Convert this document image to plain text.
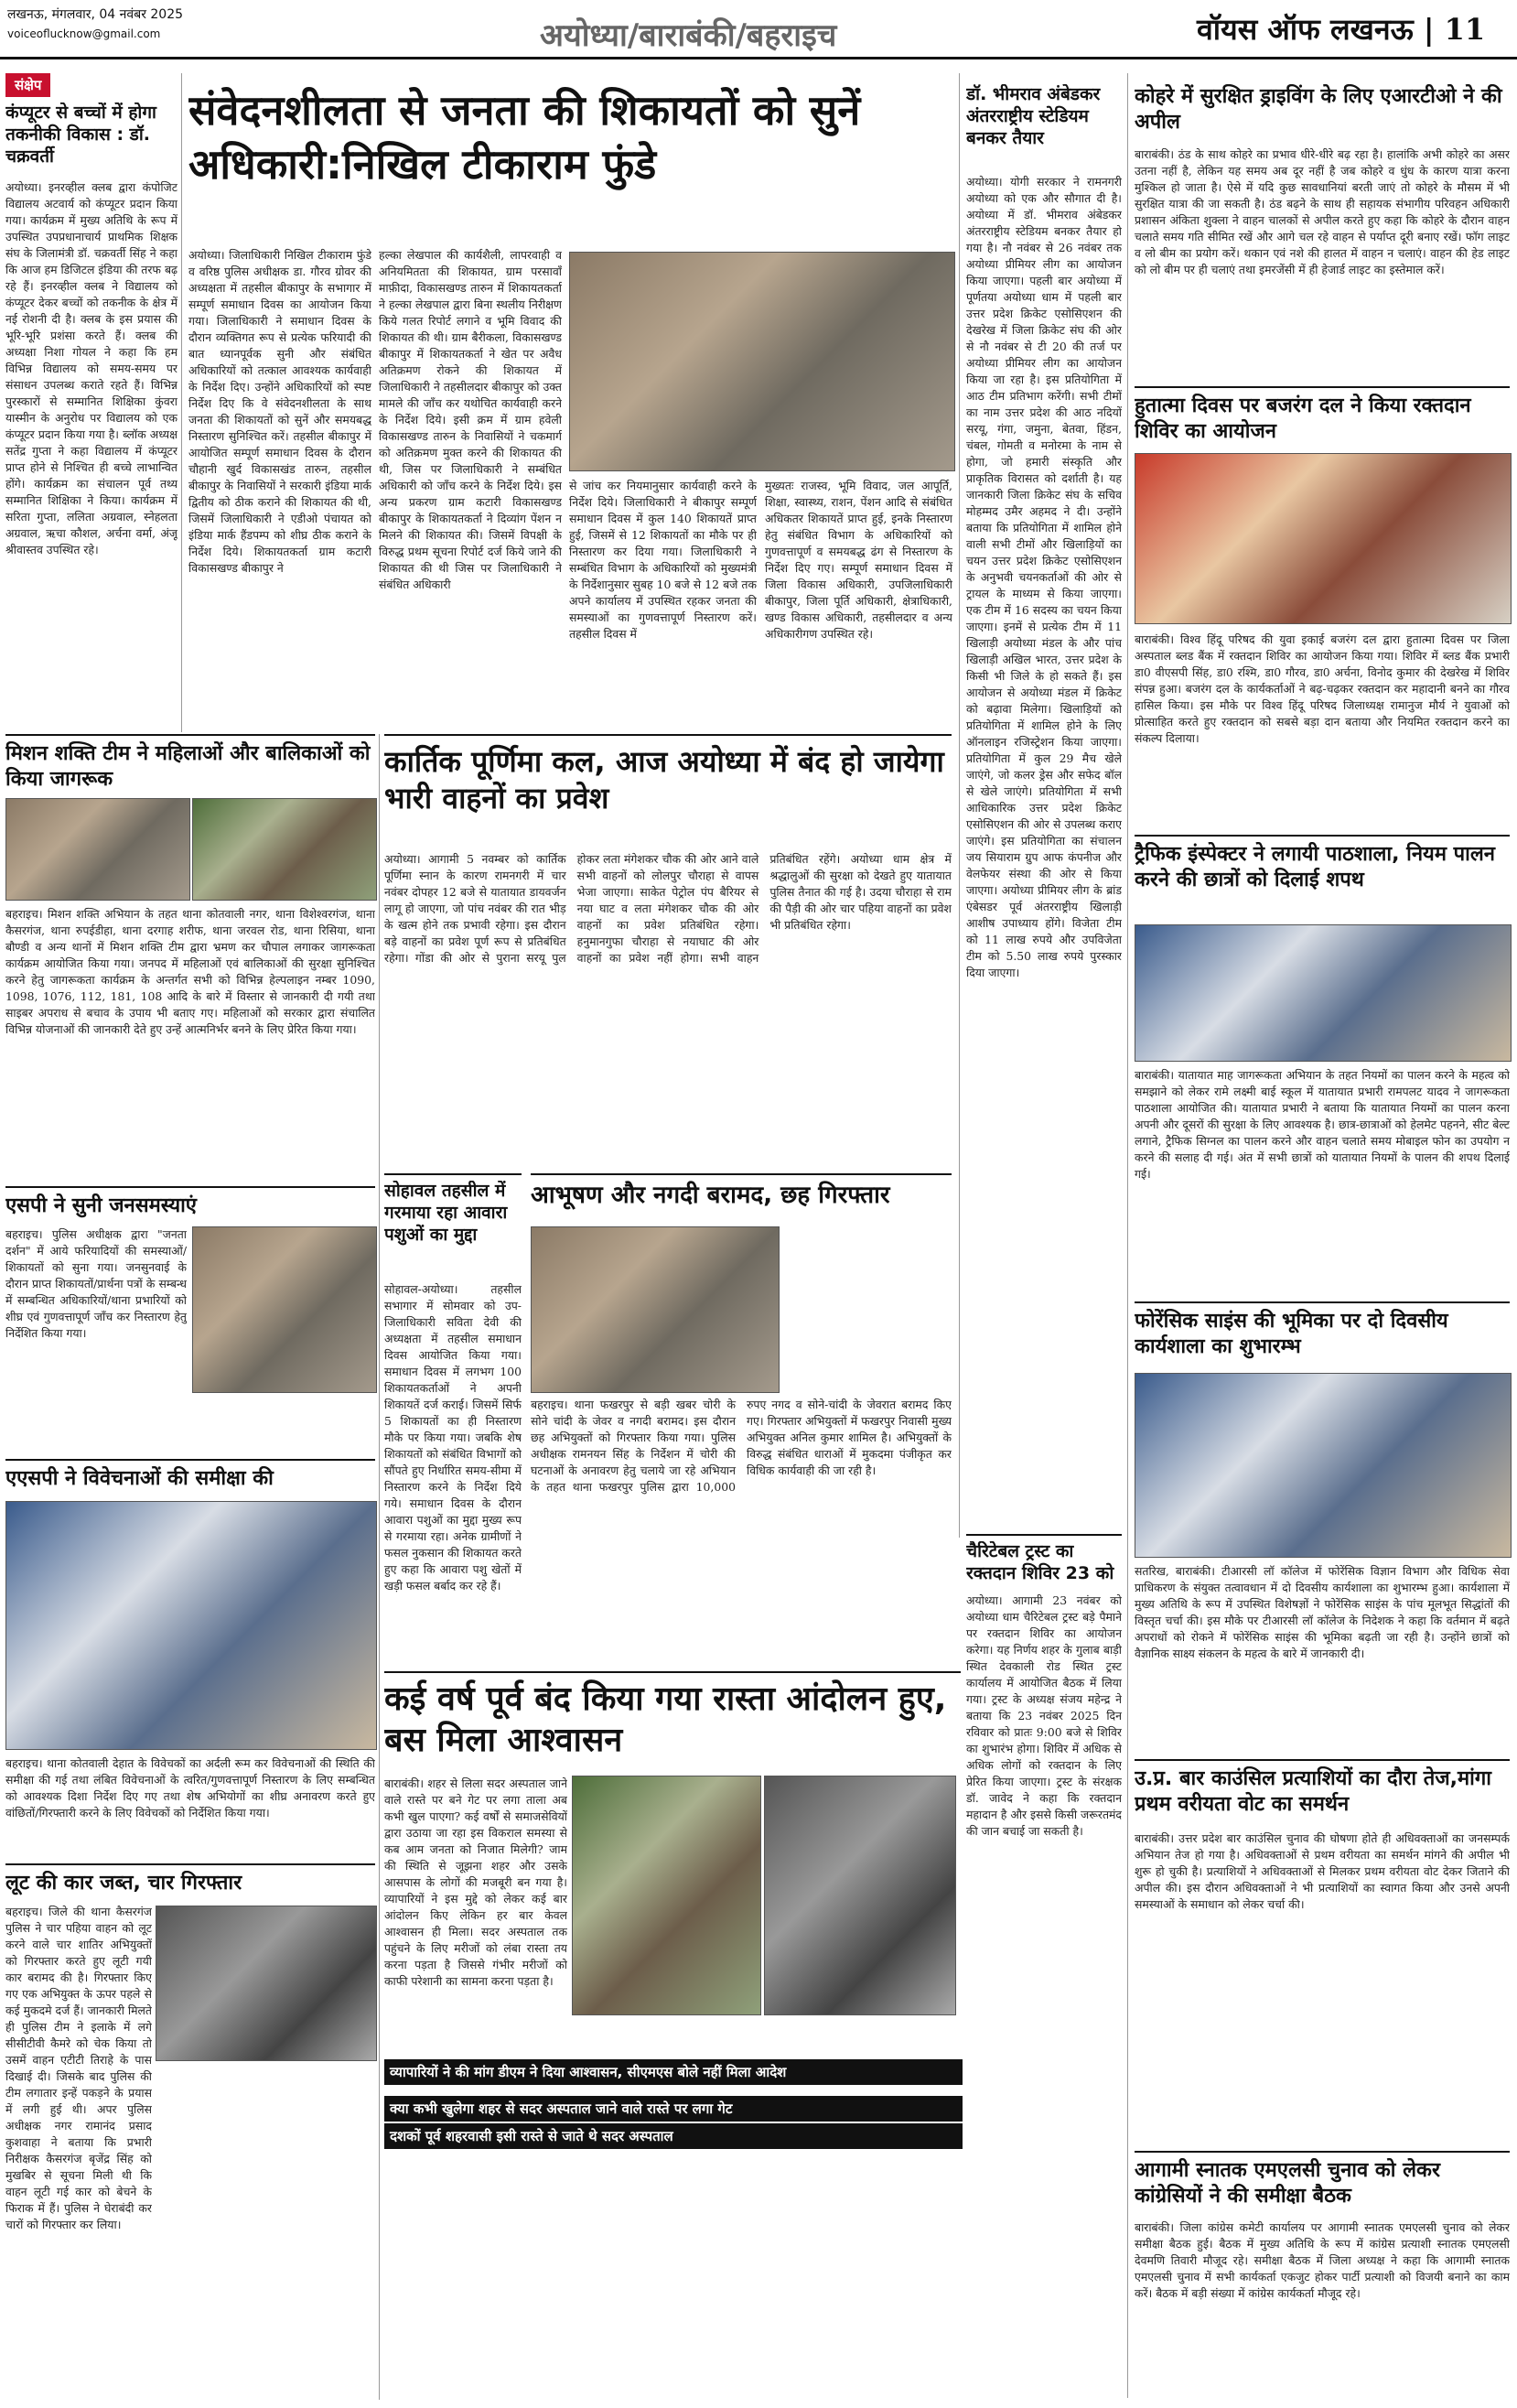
लखनऊ, मंगलवार, 04 नवंबर 2025
voiceoflucknow@gmail.com	अयोध्या/बाराबंकी/बहराइच	वॉयस ऑफ लखनऊ | 11
संक्षेप
कंप्यूटर से बच्चों में होगा तकनीकी विकास : डॉ. चक्रवर्ती
अयोध्या। इनरव्हील क्लब द्वारा कंपोजिट विद्यालय अटवार्य को कंप्यूटर प्रदान किया गया। कार्यक्रम में मुख्य अतिथि के रूप में उपस्थित उपप्रधानाचार्य प्राथमिक शिक्षक संघ के जिलामंत्री डॉ. चक्रवर्ती सिंह ने कहा कि आज हम डिजिटल इंडिया की तरफ बढ़ रहे हैं। इनरव्हील क्लब ने विद्यालय को कंप्यूटर देकर बच्चों को तकनीक के क्षेत्र में नई रोशनी दी है। क्लब के इस प्रयास की भूरि-भूरि प्रशंसा करते हैं। क्लब की अध्यक्षा निशा गोयल ने कहा कि हम विभिन्न विद्यालय को समय-समय पर संसाधन उपलब्ध कराते रहते हैं। विभिन्न पुरस्कारों से सम्मानित शिक्षिका कुंवरा यास्मीन के अनुरोध पर विद्यालय को एक कंप्यूटर प्रदान किया गया है। ब्लॉक अध्यक्ष सतेंद्र गुप्ता ने कहा विद्यालय में कंप्यूटर प्राप्त होने से निश्चित ही बच्चे लाभान्वित होंगे। कार्यक्रम का संचालन पूर्व तथ्य सम्मानित शिक्षिका ने किया। कार्यक्रम में सरिता गुप्ता, ललिता अग्रवाल, स्नेहलता अग्रवाल, ऋचा कौशल, अर्चना वर्मा, अंजू श्रीवास्तव उपस्थित रहे।
संवेदनशीलता से जनता की शिकायतों को सुनें अधिकारी:निखिल टीकाराम फुंडे
अयोध्या। जिलाधिकारी निखिल टीकाराम फुंडे व वरिष्ठ पुलिस अधीक्षक डा. गौरव ग्रोवर की अध्यक्षता में तहसील बीकापुर के सभागार में सम्पूर्ण समाधान दिवस का आयोजन किया गया। जिलाधिकारी ने समाधान दिवस के दौरान व्यक्तिगत रूप से प्रत्येक फरियादी की बात ध्यानपूर्वक सुनी और संबंधित अधिकारियों को तत्काल आवश्यक कार्यवाही के निर्देश दिए। उन्होंने अधिकारियों को स्पष्ट निर्देश दिए कि वे संवेदनशीलता के साथ जनता की शिकायतों को सुनें और समयबद्ध निस्तारण सुनिश्चित करें। तहसील बीकापुर में आयोजित सम्पूर्ण समाधान दिवस के दौरान चौहानी खुर्द विकासखंड तारुन, तहसील बीकापुर के निवासियों ने सरकारी इंडिया मार्क द्वितीय को ठीक कराने की शिकायत की थी, जिसमें जिलाधिकारी ने एडीओ पंचायत को इंडिया मार्क हैंडपम्प को शीघ्र ठीक कराने के निर्देश दिये। शिकायतकर्ता ग्राम कटारी विकासखण्ड बीकापुर ने
हल्का लेखपाल की कार्यशैली, लापरवाही व अनियमितता की शिकायत, ग्राम परसावाँ माफ़ीदा, विकासखण्ड तारुन में शिकायतकर्ता ने हल्का लेखपाल द्वारा बिना स्थलीय निरीक्षण किये गलत रिपोर्ट लगाने व भूमि विवाद की शिकायत की थी। ग्राम बैरीकला, विकासखण्ड बीकापुर में शिकायतकर्ता ने खेत पर अवैध अतिक्रमण रोकने की शिकायत में जिलाधिकारी ने तहसीलदार बीकापुर को उक्त मामले की जाँच कर यथोचित कार्यवाही करने के निर्देश दिये। इसी क्रम में ग्राम हवेली विकासखण्ड तारुन के निवासियों ने चकमार्ग को अतिक्रमण मुक्त करने की शिकायत की थी, जिस पर जिलाधिकारी ने सम्बंधित अधिकारी को जाँच करने के निर्देश दिये। इस अन्य प्रकरण ग्राम कटारी विकासखण्ड बीकापुर के शिकायतकर्ता ने दिव्यांग पेंशन न मिलने की शिकायत की। जिसमें विपक्षी के विरुद्ध प्रथम सूचना रिपोर्ट दर्ज किये जाने की शिकायत की थी जिस पर जिलाधिकारी ने संबंधित अधिकारी
से जांच कर नियमानुसार कार्यवाही करने के निर्देश दिये। जिलाधिकारी ने बीकापुर सम्पूर्ण समाधान दिवस में कुल 140 शिकायतें प्राप्त हुई, जिसमें से 12 शिकायतों का मौके पर ही निस्तारण कर दिया गया। जिलाधिकारी ने सम्बंधित विभाग के अधिकारियों को मुख्यमंत्री के निर्देशानुसार सुबह 10 बजे से 12 बजे तक अपने कार्यालय में उपस्थित रहकर जनता की समस्याओं का गुणवत्तापूर्ण निस्तारण करें। तहसील दिवस में
मुख्यतः राजस्व, भूमि विवाद, जल आपूर्ति, शिक्षा, स्वास्थ्य, राशन, पेंशन आदि से संबंधित अधिकतर शिकायतें प्राप्त हुई, इनके निस्तारण हेतु संबंधित विभाग के अधिकारियों को गुणवत्तापूर्ण व समयबद्ध ढंग से निस्तारण के निर्देश दिए गए। सम्पूर्ण समाधान दिवस में जिला विकास अधिकारी, उपजिलाधिकारी बीकापुर, जिला पूर्ति अधिकारी, क्षेत्राधिकारी, खण्ड विकास अधिकारी, तहसीलदार व अन्य अधिकारीगण उपस्थित रहे।
डॉ. भीमराव अंबेडकर अंतरराष्ट्रीय स्टेडियम बनकर तैयार
अयोध्या। योगी सरकार ने रामनगरी अयोध्या को एक और सौगात दी है। अयोध्या में डॉ. भीमराव अंबेडकर अंतरराष्ट्रीय स्टेडियम बनकर तैयार हो गया है। नौ नवंबर से 26 नवंबर तक अयोध्या प्रीमियर लीग का आयोजन किया जाएगा। पहली बार अयोध्या में पूर्णतया अयोध्या धाम में पहली बार उत्तर प्रदेश क्रिकेट एसोसिएशन की देखरेख में जिला क्रिकेट संघ की ओर से नौ नवंबर से टी 20 की तर्ज पर अयोध्या प्रीमियर लीग का आयोजन किया जा रहा है। इस प्रतियोगिता में आठ टीम प्रतिभाग करेंगी। सभी टीमों का नाम उत्तर प्रदेश की आठ नदियों सरयू, गंगा, जमुना, बेतवा, हिंडन, चंबल, गोमती व मनोरमा के नाम से होगा, जो हमारी संस्कृति और प्राकृतिक विरासत को दर्शाती है। यह जानकारी जिला क्रिकेट संघ के सचिव मोहम्मद उमैर अहमद ने दी। उन्होंने बताया कि प्रतियोगिता में शामिल होने वाली सभी टीमों और खिलाड़ियों का चयन उत्तर प्रदेश क्रिकेट एसोसिएशन के अनुभवी चयनकर्ताओं की ओर से ट्रायल के माध्यम से किया जाएगा। एक टीम में 16 सदस्य का चयन किया जाएगा। इनमें से प्रत्येक टीम में 11 खिलाड़ी अयोध्या मंडल के और पांच खिलाड़ी अखिल भारत, उत्तर प्रदेश के किसी भी जिले के हो सकते हैं। इस आयोजन से अयोध्या मंडल में क्रिकेट को बढ़ावा मिलेगा। खिलाड़ियों को प्रतियोगिता में शामिल होने के लिए ऑनलाइन रजिस्ट्रेशन किया जाएगा। प्रतियोगिता में कुल 29 मैच खेले जाएंगे, जो कलर ड्रेस और सफेद बॉल से खेले जाएंगे। प्रतियोगिता में सभी आधिकारिक उत्तर प्रदेश क्रिकेट एसोसिएशन की ओर से उपलब्ध कराए जाएंगे। इस प्रतियोगिता का संचालन जय सियाराम ग्रुप आफ कंपनीज और वेलफेयर संस्था की ओर से किया जाएगा। अयोध्या प्रीमियर लीग के ब्रांड एंबेसडर पूर्व अंतरराष्ट्रीय खिलाड़ी आशीष उपाध्याय होंगे। विजेता टीम को 11 लाख रुपये और उपविजेता टीम को 5.50 लाख रुपये पुरस्कार दिया जाएगा।
कोहरे में सुरक्षित ड्राइविंग के लिए एआरटीओ ने की अपील
बाराबंकी। ठंड के साथ कोहरे का प्रभाव धीरे-धीरे बढ़ रहा है। हालांकि अभी कोहरे का असर उतना नहीं है, लेकिन यह समय अब दूर नहीं है जब कोहरे व धुंध के कारण यात्रा करना मुश्किल हो जाता है। ऐसे में यदि कुछ सावधानियां बरती जाएं तो कोहरे के मौसम में भी सुरक्षित यात्रा की जा सकती है। ठंड बढ़ने के साथ ही सहायक संभागीय परिवहन अधिकारी प्रशासन अंकिता शुक्ला ने वाहन चालकों से अपील करते हुए कहा कि कोहरे के दौरान वाहन चलाते समय गति सीमित रखें और आगे चल रहे वाहन से पर्याप्त दूरी बनाए रखें। फॉग लाइट व लो बीम का प्रयोग करें। थकान एवं नशे की हालत में वाहन न चलाएं। वाहन की हेड लाइट को लो बीम पर ही चलाएं तथा इमरजेंसी में ही हेजार्ड लाइट का इस्तेमाल करें।
हुतात्मा दिवस पर बजरंग दल ने किया रक्तदान शिविर का आयोजन
बाराबंकी। विश्व हिंदू परिषद की युवा इकाई बजरंग दल द्वारा हुतात्मा दिवस पर जिला अस्पताल ब्लड बैंक में रक्तदान शिविर का आयोजन किया गया। शिविर में ब्लड बैंक प्रभारी डा0 वीएसपी सिंह, डा0 रश्मि, डा0 गौरव, डा0 अर्चना, विनोद कुमार की देखरेख में शिविर संपन्न हुआ। बजरंग दल के कार्यकर्ताओं ने बढ़-चढ़कर रक्तदान कर महादानी बनने का गौरव हासिल किया। इस मौके पर विश्व हिंदू परिषद जिलाध्यक्ष रामानुज मौर्य ने युवाओं को प्रोत्साहित करते हुए रक्तदान को सबसे बड़ा दान बताया और नियमित रक्तदान करने का संकल्प दिलाया।
ट्रैफिक इंस्पेक्टर ने लगायी पाठशाला, नियम पालन करने की छात्रों को दिलाई शपथ
बाराबंकी। यातायात माह जागरूकता अभियान के तहत नियमों का पालन करने के महत्व को समझाने को लेकर रामे लक्ष्मी बाई स्कूल में यातायात प्रभारी रामपलट यादव ने जागरूकता पाठशाला आयोजित की। यातायात प्रभारी ने बताया कि यातायात नियमों का पालन करना अपनी और दूसरों की सुरक्षा के लिए आवश्यक है। छात्र-छात्राओं को हेलमेट पहनने, सीट बेल्ट लगाने, ट्रैफिक सिग्नल का पालन करने और वाहन चलाते समय मोबाइल फोन का उपयोग न करने की सलाह दी गई। अंत में सभी छात्रों को यातायात नियमों के पालन की शपथ दिलाई गई।
फोरेंसिक साइंस की भूमिका पर दो दिवसीय कार्यशाला का शुभारम्भ
सतरिख, बाराबंकी। टीआरसी लॉ कॉलेज में फोरेंसिक विज्ञान विभाग और विधिक सेवा प्राधिकरण के संयुक्त तत्वावधान में दो दिवसीय कार्यशाला का शुभारम्भ हुआ। कार्यशाला में मुख्य अतिथि के रूप में उपस्थित विशेषज्ञों ने फोरेंसिक साइंस के पांच मूलभूत सिद्धांतों की विस्तृत चर्चा की। इस मौके पर टीआरसी लॉ कॉलेज के निदेशक ने कहा कि वर्तमान में बढ़ते अपराधों को रोकने में फोरेंसिक साइंस की भूमिका बढ़ती जा रही है। उन्होंने छात्रों को वैज्ञानिक साक्ष्य संकलन के महत्व के बारे में जानकारी दी।
उ.प्र. बार काउंसिल प्रत्याशियों का दौरा तेज,मांगा प्रथम वरीयता वोट का समर्थन
बाराबंकी। उत्तर प्रदेश बार काउंसिल चुनाव की घोषणा होते ही अधिवक्ताओं का जनसम्पर्क अभियान तेज हो गया है। अधिवक्ताओं से प्रथम वरीयता का समर्थन मांगने की अपील भी शुरू हो चुकी है। प्रत्याशियों ने अधिवक्ताओं से मिलकर प्रथम वरीयता वोट देकर जिताने की अपील की। इस दौरान अधिवक्ताओं ने भी प्रत्याशियों का स्वागत किया और उनसे अपनी समस्याओं के समाधान को लेकर चर्चा की।
आगामी स्नातक एमएलसी चुनाव को लेकर कांग्रेसियों ने की समीक्षा बैठक
बाराबंकी। जिला कांग्रेस कमेटी कार्यालय पर आगामी स्नातक एमएलसी चुनाव को लेकर समीक्षा बैठक हुई। बैठक में मुख्य अतिथि के रूप में कांग्रेस प्रत्याशी स्नातक एमएलसी देवमणि तिवारी मौजूद रहे। समीक्षा बैठक में जिला अध्यक्ष ने कहा कि आगामी स्नातक एमएलसी चुनाव में सभी कार्यकर्ता एकजुट होकर पार्टी प्रत्याशी को विजयी बनाने का काम करें। बैठक में बड़ी संख्या में कांग्रेस कार्यकर्ता मौजूद रहे।
मिशन शक्ति टीम ने महिलाओं और बालिकाओं को किया जागरूक
बहराइच। मिशन शक्ति अभियान के तहत थाना कोतवाली नगर, थाना विशेश्वरगंज, थाना कैसरगंज, थाना रुपईडीहा, थाना दरगाह शरीफ, थाना जरवल रोड, थाना रिसिया, थाना बौण्डी व अन्य थानों में मिशन शक्ति टीम द्वारा भ्रमण कर चौपाल लगाकर जागरूकता कार्यक्रम आयोजित किया गया। जनपद में महिलाओं एवं बालिकाओं की सुरक्षा सुनिश्चित करने हेतु जागरूकता कार्यक्रम के अन्तर्गत सभी को विभिन्न हेल्पलाइन नम्बर 1090, 1098, 1076, 112, 181, 108 आदि के बारे में विस्तार से जानकारी दी गयी तथा साइबर अपराध से बचाव के उपाय भी बताए गए। महिलाओं को सरकार द्वारा संचालित विभिन्न योजनाओं की जानकारी देते हुए उन्हें आत्मनिर्भर बनने के लिए प्रेरित किया गया।
एसपी ने सुनी जनसमस्याएं
बहराइच। पुलिस अधीक्षक द्वारा "जनता दर्शन" में आये फरियादियों की समस्याओं/शिकायतों को सुना गया। जनसुनवाई के दौरान प्राप्त शिकायतों/प्रार्थना पत्रों के सम्बन्ध में सम्बन्धित अधिकारियों/थाना प्रभारियों को शीघ्र एवं गुणवत्तापूर्ण जाँच कर निस्तारण हेतु निर्देशित किया गया।
एएसपी ने विवेचनाओं की समीक्षा की
बहराइच। थाना कोतवाली देहात के विवेचकों का अर्दली रूम कर विवेचनाओं की स्थिति की समीक्षा की गई तथा लंबित विवेचनाओं के त्वरित/गुणवत्तापूर्ण निस्तारण के लिए सम्बन्धित को आवश्यक दिशा निर्देश दिए गए तथा शेष अभियोगों का शीघ्र अनावरण करते हुए वांछितों/गिरफ्तारी करने के लिए विवेचकों को निर्देशित किया गया।
लूट की कार जब्त, चार गिरफ्तार
बहराइच। जिले की थाना कैसरगंज पुलिस ने चार पहिया वाहन को लूट करने वाले चार शातिर अभियुक्तों को गिरफ्तार करते हुए लूटी गयी कार बरामद की है। गिरफ्तार किए गए एक अभियुक्त के ऊपर पहले से कई मुकदमे दर्ज हैं। जानकारी मिलते ही पुलिस टीम ने इलाके में लगे सीसीटीवी कैमरे को चेक किया तो उसमें वाहन एटीटी तिराहे के पास दिखाई दी। जिसके बाद पुलिस की टीम लगातार इन्हें पकड़ने के प्रयास में लगी हुई थी। अपर पुलिस अधीक्षक नगर रामानंद प्रसाद कुशवाहा ने बताया कि प्रभारी निरीक्षक कैसरगंज बृजेंद्र सिंह को मुखबिर से सूचना मिली थी कि वाहन लूटी गई कार को बेचने के फिराक में हैं। पुलिस ने घेराबंदी कर चारों को गिरफ्तार कर लिया।
कार्तिक पूर्णिमा कल, आज अयोध्या में बंद हो जायेगा भारी वाहनों का प्रवेश
अयोध्या। आगामी 5 नवम्बर को कार्तिक पूर्णिमा स्नान के कारण रामनगरी में चार नवंबर दोपहर 12 बजे से यातायात डायवर्जन लागू हो जाएगा, जो पांच नवंबर की रात भीड़ के खत्म होने तक प्रभावी रहेगा। इस दौरान बड़े वाहनों का प्रवेश पूर्ण रूप से प्रतिबंधित रहेगा। गोंडा की ओर से पुराना सरयू पुल होकर लता मंगेशकर चौक की ओर आने वाले सभी वाहनों को लोलपुर चौराहा से वापस भेजा जाएगा। साकेत पेट्रोल पंप बैरियर से नया घाट व लता मंगेशकर चौक की ओर वाहनों का प्रवेश प्रतिबंधित रहेगा। हनुमानगुफा चौराहा से नयाघाट की ओर वाहनों का प्रवेश नहीं होगा। सभी वाहन प्रतिबंधित रहेंगे। अयोध्या धाम क्षेत्र में श्रद्धालुओं की सुरक्षा को देखते हुए यातायात पुलिस तैनात की गई है। उदया चौराहा से राम की पैड़ी की ओर चार पहिया वाहनों का प्रवेश भी प्रतिबंधित रहेगा।
सोहावल तहसील में गरमाया रहा आवारा पशुओं का मुद्दा
सोहावल-अयोध्या। तहसील सभागार में सोमवार को उप-जिलाधिकारी सविता देवी की अध्यक्षता में तहसील समाधान दिवस आयोजित किया गया। समाधान दिवस में लगभग 100 शिकायतकर्ताओं ने अपनी शिकायतें दर्ज कराई। जिसमें सिर्फ 5 शिकायतों का ही निस्तारण मौके पर किया गया। जबकि शेष शिकायतों को संबंधित विभागों को सौंपते हुए निर्धारित समय-सीमा में निस्तारण करने के निर्देश दिये गये। समाधान दिवस के दौरान आवारा पशुओं का मुद्दा मुख्य रूप से गरमाया रहा। अनेक ग्रामीणों ने फसल नुकसान की शिकायत करते हुए कहा कि आवारा पशु खेतों में खड़ी फसल बर्बाद कर रहे हैं।
आभूषण और नगदी बरामद, छह गिरफ्तार
बहराइच। थाना फखरपुर से बड़ी खबर चोरी के सोने चांदी के जेवर व नगदी बरामद। इस दौरान छह अभियुक्तों को गिरफ्तार किया गया। पुलिस अधीक्षक रामनयन सिंह के निर्देशन में चोरी की घटनाओं के अनावरण हेतु चलाये जा रहे अभियान के तहत थाना फखरपुर पुलिस द्वारा 10,000 रुपए नगद व सोने-चांदी के जेवरात बरामद किए गए। गिरफ्तार अभियुक्तों में फखरपुर निवासी मुख्य अभियुक्त अनिल कुमार शामिल है। अभियुक्तों के विरुद्ध संबंधित धाराओं में मुकदमा पंजीकृत कर विधिक कार्यवाही की जा रही है।
चैरिटेबल ट्रस्ट का रक्तदान शिविर 23 को
अयोध्या। आगामी 23 नवंबर को अयोध्या धाम चैरिटेबल ट्रस्ट बड़े पैमाने पर रक्तदान शिविर का आयोजन करेगा। यह निर्णय शहर के गुलाब बाड़ी स्थित देवकाली रोड स्थित ट्रस्ट कार्यालय में आयोजित बैठक में लिया गया। ट्रस्ट के अध्यक्ष संजय महेन्द्र ने बताया कि 23 नवंबर 2025 दिन रविवार को प्रातः 9:00 बजे से शिविर का शुभारंभ होगा। शिविर में अधिक से अधिक लोगों को रक्तदान के लिए प्रेरित किया जाएगा। ट्रस्ट के संरक्षक डॉ. जावेद ने कहा कि रक्तदान महादान है और इससे किसी जरूरतमंद की जान बचाई जा सकती है।
कई वर्ष पूर्व बंद किया गया रास्ता आंदोलन हुए, बस मिला आश्वासन
बाराबंकी। शहर से लिला सदर अस्पताल जाने वाले रास्ते पर बने गेट पर लगा ताला अब कभी खुल पाएगा? कई वर्षों से समाजसेवियों द्वारा उठाया जा रहा इस विकराल समस्या से कब आम जनता को निजात मिलेगी? जाम की स्थिति से जूझना शहर और उसके आसपास के लोगों की मजबूरी बन गया है। व्यापारियों ने इस मुद्दे को लेकर कई बार आंदोलन किए लेकिन हर बार केवल आश्वासन ही मिला। सदर अस्पताल तक पहुंचने के लिए मरीजों को लंबा रास्ता तय करना पड़ता है जिससे गंभीर मरीजों को काफी परेशानी का सामना करना पड़ता है।
व्यापारियों ने की मांग डीएम ने दिया आश्वासन, सीएमएस बोले नहीं मिला आदेश
क्या कभी खुलेगा शहर से सदर अस्पताल जाने वाले रास्ते पर लगा गेट
दशकों पूर्व शहरवासी इसी रास्ते से जाते थे सदर अस्पताल
